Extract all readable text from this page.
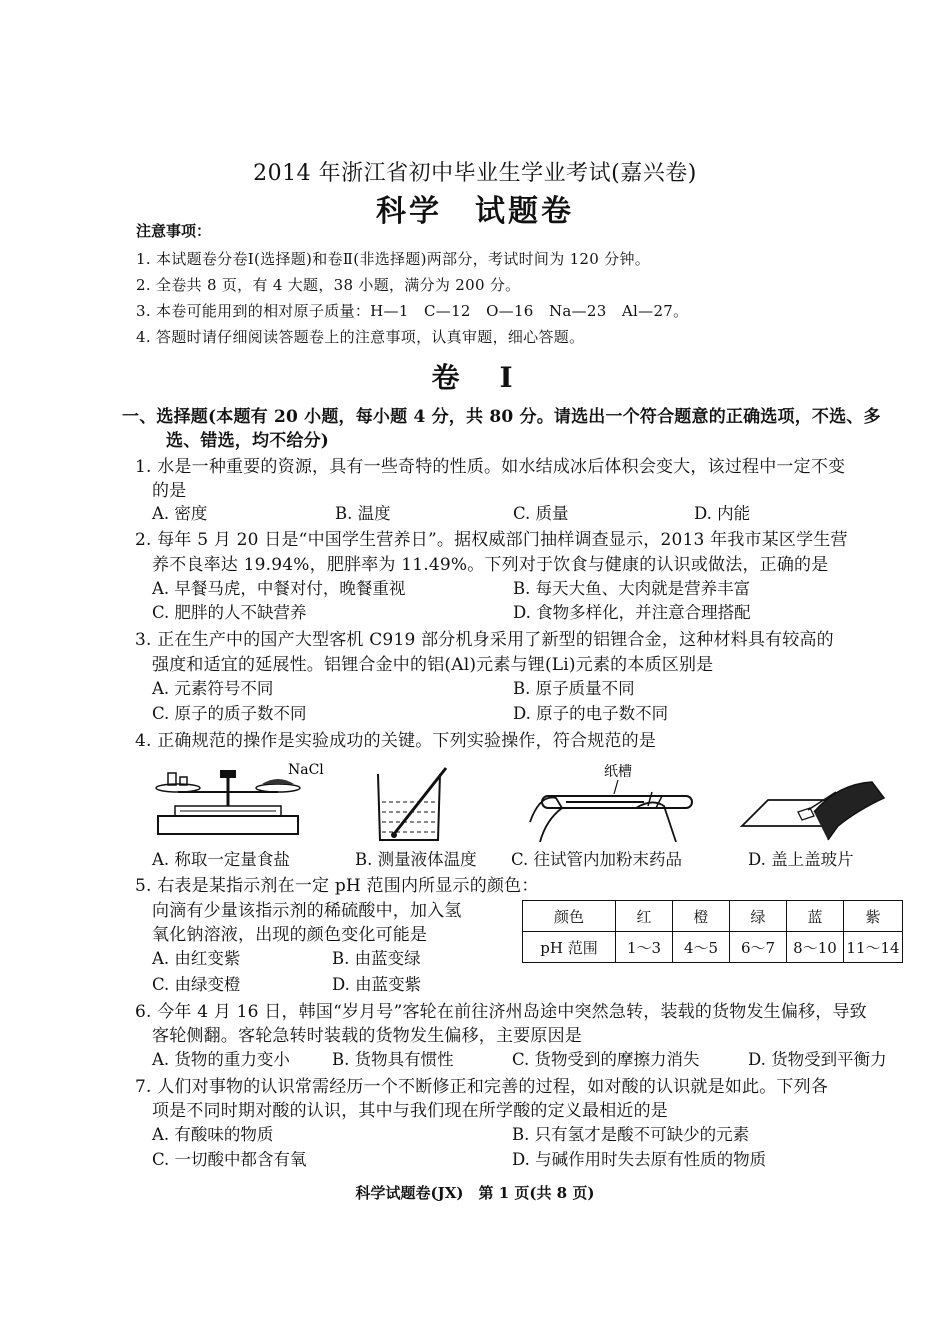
2014 年浙江省初中毕业生学业考试(嘉兴卷)
科学　试题卷
注意事项：
1. 本试题卷分卷Ⅰ(选择题)和卷Ⅱ(非选择题)两部分，考试时间为 120 分钟。
2. 全卷共 8 页，有 4 大题，38 小题，满分为 200 分。
3. 本卷可能用到的相对原子质量：H—1　C—12　O—16　Na—23　Al—27。
4. 答题时请仔细阅读答题卷上的注意事项，认真审题，细心答题。
卷　Ⅰ
一、选择题(本题有 20 小题，每小题 4 分，共 80 分。请选出一个符合题意的正确选项，不选、多
选、错选，均不给分)
1. 水是一种重要的资源，具有一些奇特的性质。如水结成冰后体积会变大，该过程中一定不变
的是
A. 密度	B. 温度	C. 质量	D. 内能
2. 每年 5 月 20 日是“中国学生营养日”。据权威部门抽样调查显示，2013 年我市某区学生营
养不良率达 19.94%，肥胖率为 11.49%。下列对于饮食与健康的认识或做法，正确的是
A. 早餐马虎，中餐对付，晚餐重视	B. 每天大鱼、大肉就是营养丰富
C. 肥胖的人不缺营养	D. 食物多样化，并注意合理搭配
3. 正在生产中的国产大型客机 C919 部分机身采用了新型的铝锂合金，这种材料具有较高的
强度和适宜的延展性。铝锂合金中的铝(Al)元素与锂(Li)元素的本质区别是
A. 元素符号不同	B. 原子质量不同
C. 原子的质子数不同	D. 原子的电子数不同
4. 正确规范的操作是实验成功的关键。下列实验操作，符合规范的是
NaCl	纸槽
A. 称取一定量食盐	B. 测量液体温度 C. 往试管内加粉末药品	D. 盖上盖玻片
5. 右表是某指示剂在一定 pH 范围内所显示的颜色：
向滴有少量该指示剂的稀硫酸中，加入氢
氧化钠溶液，出现的颜色变化可能是
A. 由红变紫	B. 由蓝变绿
C. 由绿变橙	D. 由蓝变紫
颜色	红	橙	绿	蓝	紫
pH 范围	1～3	4～5	6～7	8～10	11～14
6. 今年 4 月 16 日，韩国“岁月号”客轮在前往济州岛途中突然急转，装载的货物发生偏移，导致
客轮侧翻。客轮急转时装载的货物发生偏移，主要原因是
A. 货物的重力变小	B. 货物具有惯性	C. 货物受到的摩擦力消失	D. 货物受到平衡力
7. 人们对事物的认识常需经历一个不断修正和完善的过程，如对酸的认识就是如此。下列各
项是不同时期对酸的认识，其中与我们现在所学酸的定义最相近的是
A. 有酸味的物质	B. 只有氢才是酸不可缺少的元素
C. 一切酸中都含有氧	D. 与碱作用时失去原有性质的物质
科学试题卷(JX)　第 1 页(共 8 页)
